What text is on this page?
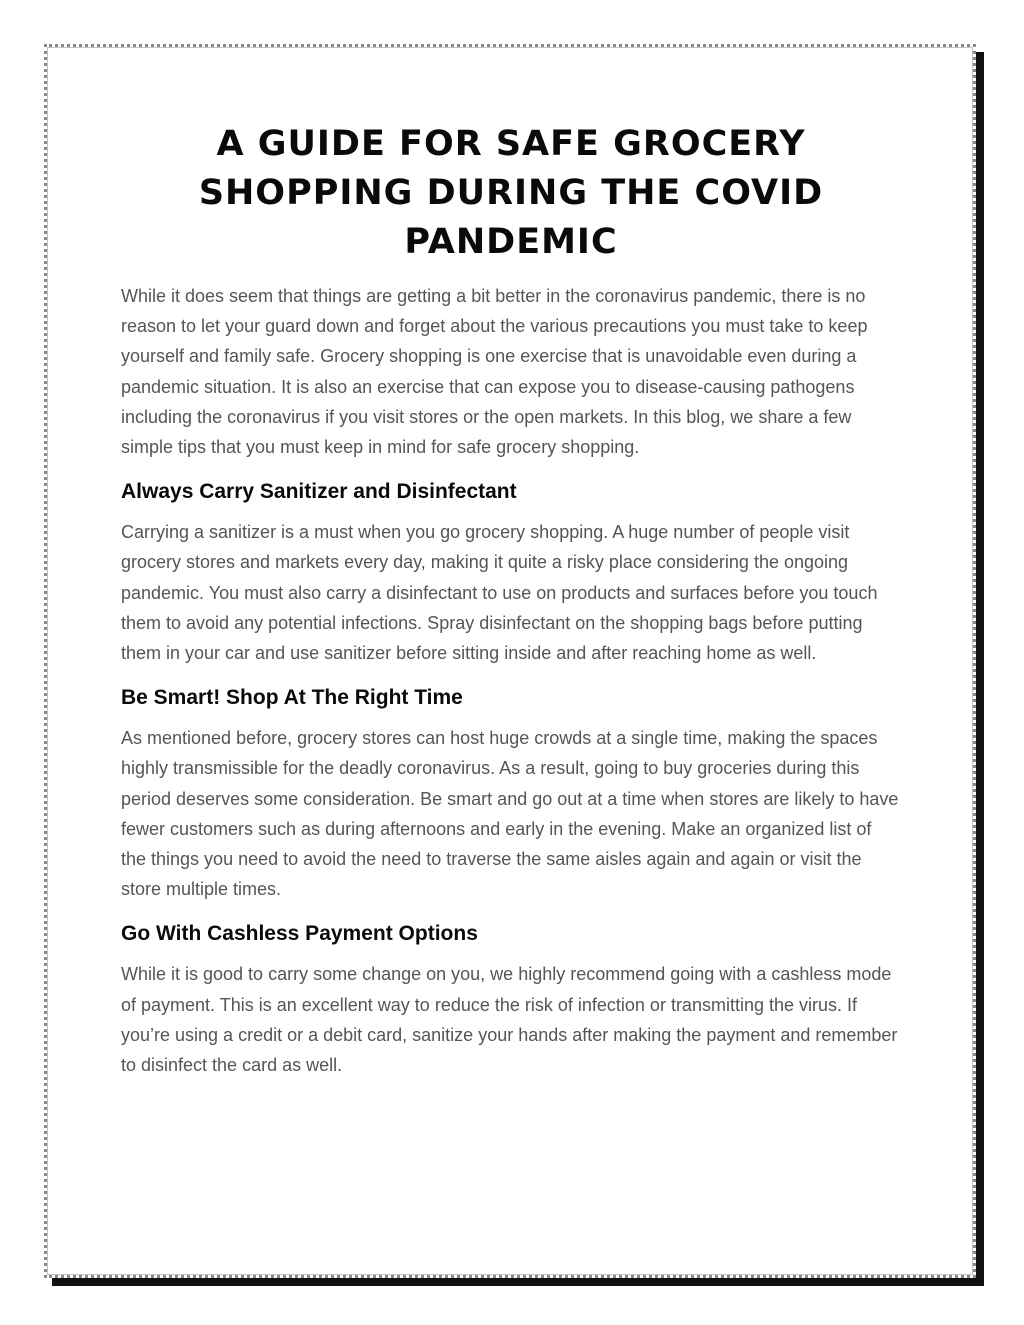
A GUIDE FOR SAFE GROCERY SHOPPING DURING THE COVID PANDEMIC

While it does seem that things are getting a bit better in the coronavirus pandemic, there is no reason to let your guard down and forget about the various precautions you must take to keep yourself and family safe. Grocery shopping is one exercise that is unavoidable even during a pandemic situation. It is also an exercise that can expose you to disease-causing pathogens including the coronavirus if you visit stores or the open markets. In this blog, we share a few simple tips that you must keep in mind for safe grocery shopping.

Always Carry Sanitizer and Disinfectant

Carrying a sanitizer is a must when you go grocery shopping. A huge number of people visit grocery stores and markets every day, making it quite a risky place considering the ongoing pandemic. You must also carry a disinfectant to use on products and surfaces before you touch them to avoid any potential infections. Spray disinfectant on the shopping bags before putting them in your car and use sanitizer before sitting inside and after reaching home as well.

Be Smart! Shop At The Right Time

As mentioned before, grocery stores can host huge crowds at a single time, making the spaces highly transmissible for the deadly coronavirus. As a result, going to buy groceries during this period deserves some consideration. Be smart and go out at a time when stores are likely to have fewer customers such as during afternoons and early in the evening. Make an organized list of the things you need to avoid the need to traverse the same aisles again and again or visit the store multiple times.

Go With Cashless Payment Options

While it is good to carry some change on you, we highly recommend going with a cashless mode of payment. This is an excellent way to reduce the risk of infection or transmitting the virus. If you’re using a credit or a debit card, sanitize your hands after making the payment and remember to disinfect the card as well.
